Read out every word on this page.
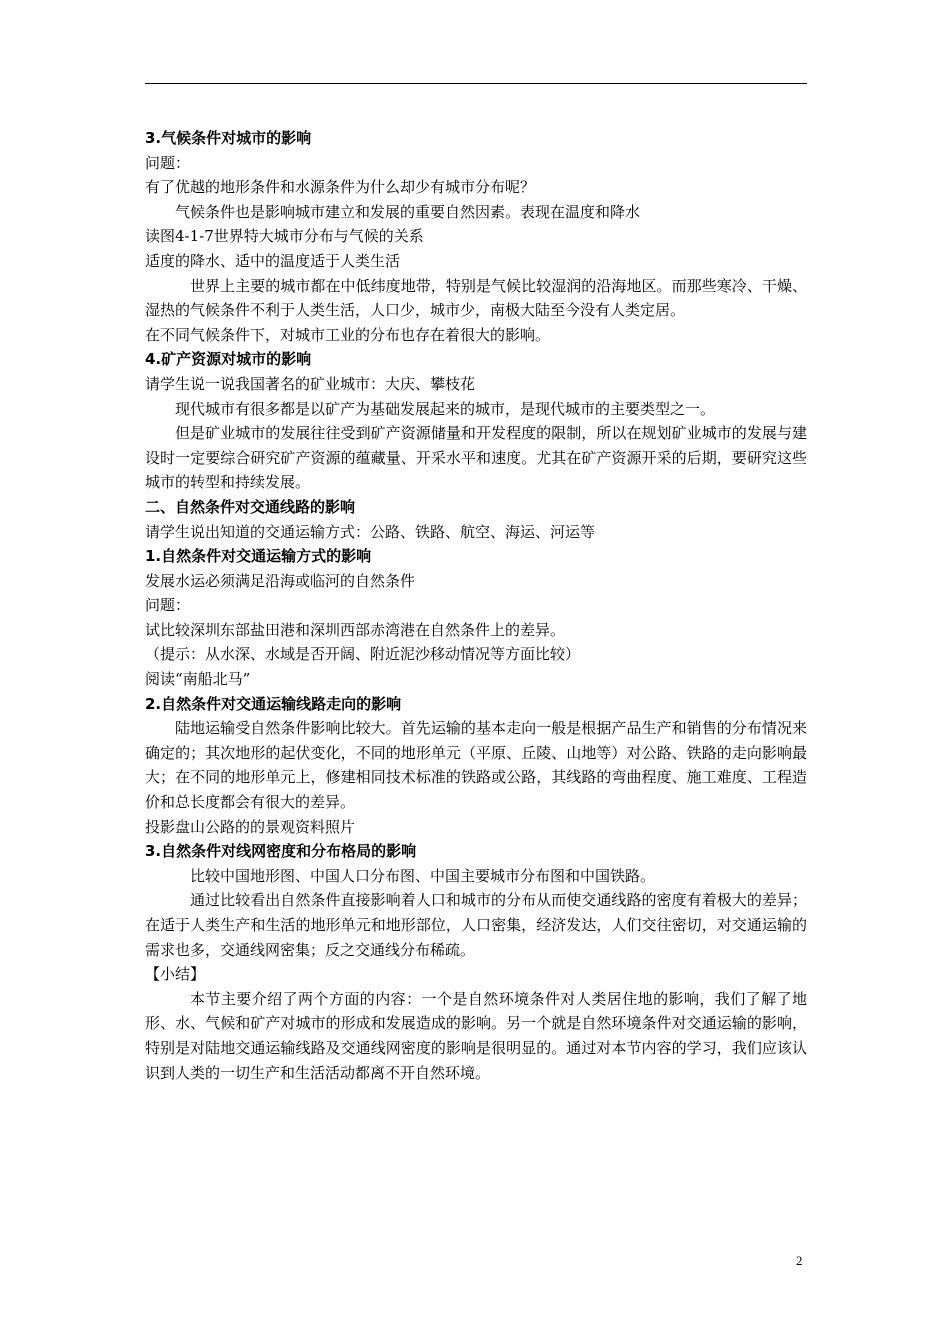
3.气候条件对城市的影响

问题：

有了优越的地形条件和水源条件为什么却少有城市分布呢？

气候条件也是影响城市建立和发展的重要自然因素。表现在温度和降水

读图4-1-7世界特大城市分布与气候的关系

适度的降水、适中的温度适于人类生活

世界上主要的城市都在中低纬度地带，特别是气候比较湿润的沿海地区。而那些寒冷、干燥、湿热的气候条件不利于人类生活，人口少，城市少，南极大陆至今没有人类定居。

在不同气候条件下，对城市工业的分布也存在着很大的影响。

4.矿产资源对城市的影响

请学生说一说我国著名的矿业城市：大庆、攀枝花

现代城市有很多都是以矿产为基础发展起来的城市，是现代城市的主要类型之一。

但是矿业城市的发展往往受到矿产资源储量和开发程度的限制，所以在规划矿业城市的发展与建设时一定要综合研究矿产资源的蕴藏量、开采水平和速度。尤其在矿产资源开采的后期，要研究这些城市的转型和持续发展。

二、自然条件对交通线路的影响

请学生说出知道的交通运输方式：公路、铁路、航空、海运、河运等

1.自然条件对交通运输方式的影响

发展水运必须满足沿海或临河的自然条件

问题：

试比较深圳东部盐田港和深圳西部赤湾港在自然条件上的差异。

（提示：从水深、水域是否开阔、附近泥沙移动情况等方面比较）

阅读“南船北马”

2.自然条件对交通运输线路走向的影响

陆地运输受自然条件影响比较大。首先运输的基本走向一般是根据产品生产和销售的分布情况来确定的；其次地形的起伏变化，不同的地形单元（平原、丘陵、山地等）对公路、铁路的走向影响最大；在不同的地形单元上，修建相同技术标准的铁路或公路，其线路的弯曲程度、施工难度、工程造价和总长度都会有很大的差异。

投影盘山公路的的景观资料照片

3.自然条件对线网密度和分布格局的影响

比较中国地形图、中国人口分布图、中国主要城市分布图和中国铁路。

通过比较看出自然条件直接影响着人口和城市的分布从而使交通线路的密度有着极大的差异；在适于人类生产和生活的地形单元和地形部位，人口密集，经济发达，人们交往密切，对交通运输的需求也多，交通线网密集；反之交通线分布稀疏。

【小结】

本节主要介绍了两个方面的内容：一个是自然环境条件对人类居住地的影响，我们了解了地形、水、气候和矿产对城市的形成和发展造成的影响。另一个就是自然环境条件对交通运输的影响，特别是对陆地交通运输线路及交通线网密度的影响是很明显的。通过对本节内容的学习，我们应该认识到人类的一切生产和生活活动都离不开自然环境。

2
